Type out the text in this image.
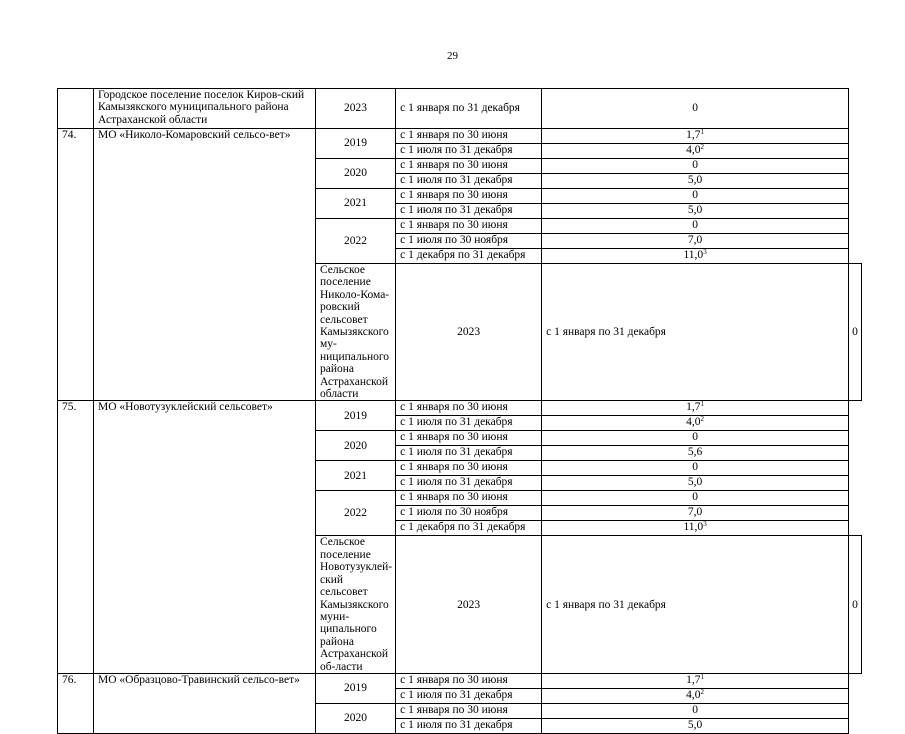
29
	Городское поселение поселок Киров-ский Камызякского муниципального района Астраханской области	2023	с 1 января по 31 декабря	0	
74.	МО «Николо-Комаровский сельсо-вет»	2019	с 1 января по 30 июня	$1,7^1$
			с 1 июля по 31 декабря	$4,0^2$
		2020	с 1 января по 30 июня	0	
			с 1 июля по 31 декабря	5,0	
		2021	с 1 января по 30 июня	0	
			с 1 июля по 31 декабря	5,0	
		2022	с 1 января по 30 июня	0	
			с 1 июля по 30 ноября	7,0	
			с 1 декабря по 31 декабря	11,0$^3$
		Сельское поселение Николо-Кома-ровский сельсовет Камызякского му-ниципального района Астраханской области	2023	с 1 января по 31 декабря	0
75.	МО «Новотузуклейский сельсовет»	2019	с 1 января по 30 июня	$1,7^1$
			с 1 июля по 31 декабря	$4,0^2$
		2020	с 1 января по 30 июня	0	
			с 1 июля по 31 декабря	5,6	
		2021	с 1 января по 30 июня	0	
			с 1 июля по 31 декабря	5,0	
		2022	с 1 января по 30 июня	0	
			с 1 июля по 30 ноября	7,0	
			с 1 декабря по 31 декабря	11,0$^3$
		Сельское поселение Новотузуклей-ский сельсовет Камызякского муни-ципального района Астраханской об-ласти	2023	с 1 января по 31 декабря	0
76.	МО «Образцово-Травинский сельсо-вет»	2019	с 1 января по 30 июня	$1,7^1$
			с 1 июля по 31 декабря	$4,0^2$
		2020	с 1 января по 30 июня	0	
			с 1 июля по 31 декабря	5,0	
